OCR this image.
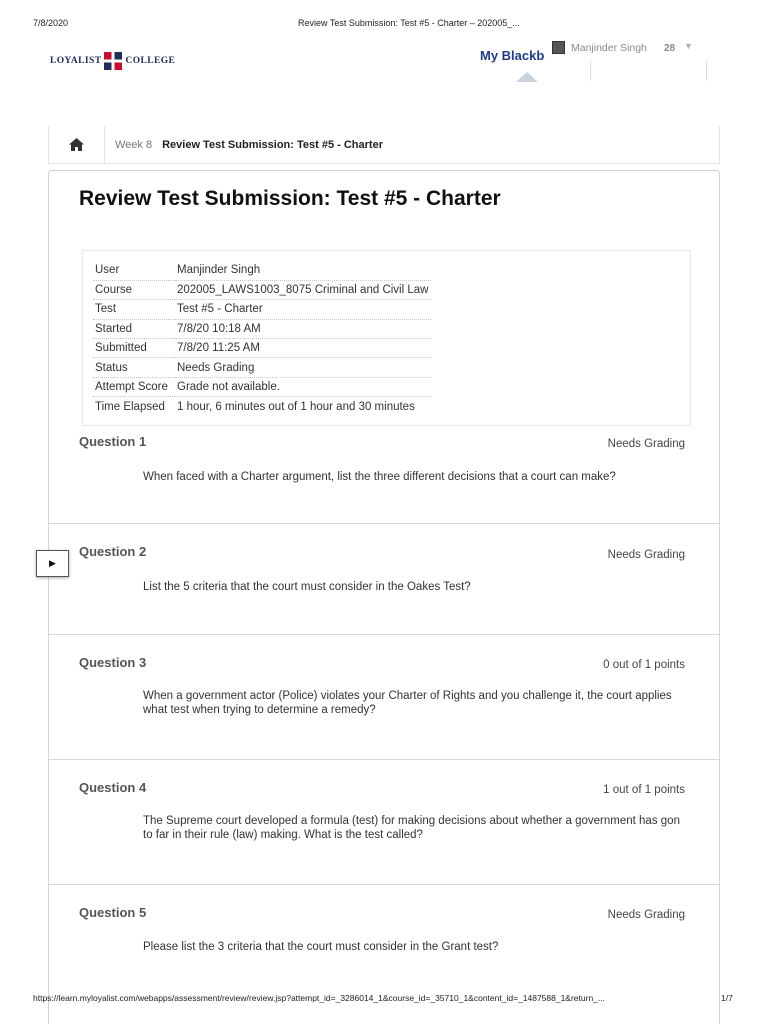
7/8/2020	Review Test Submission: Test #5 - Charter – 202005_...
LOYALIST	COLLEGE	My Blackb	Manjinder Singh 28 ▼
Week 8 Review Test Submission: Test #5 - Charter
Review Test Submission: Test #5 - Charter
User	Manjinder Singh
Course	202005_LAWS1003_8075 Criminal and Civil Law
Test	Test #5 - Charter
Started	7/8/20 10:18 AM
Submitted	7/8/20 11:25 AM
Status	Needs Grading
Attempt Score	Grade not available.
Time Elapsed	1 hour, 6 minutes out of 1 hour and 30 minutes
Question 1	Needs Grading
When faced with a Charter argument, list the three different decisions that a court can make?
Question 2	Needs Grading
List the 5 criteria that the court must consider in the Oakes Test?
Question 3	0 out of 1 points
When a government actor (Police) violates your Charter of Rights and you challenge it, the court applies what test when trying to determine a remedy?
Question 4	1 out of 1 points
The Supreme court developed a formula (test) for making decisions about whether a government has gon to far in their rule (law) making. What is the test called?
Question 5	Needs Grading
Please list the 3 criteria that the court must consider in the Grant test?
▶
https://learn.myloyalist.com/webapps/assessment/review/review.jsp?attempt_id=_3286014_1&course_id=_35710_1&content_id=_1487588_1&return_...	1/7
